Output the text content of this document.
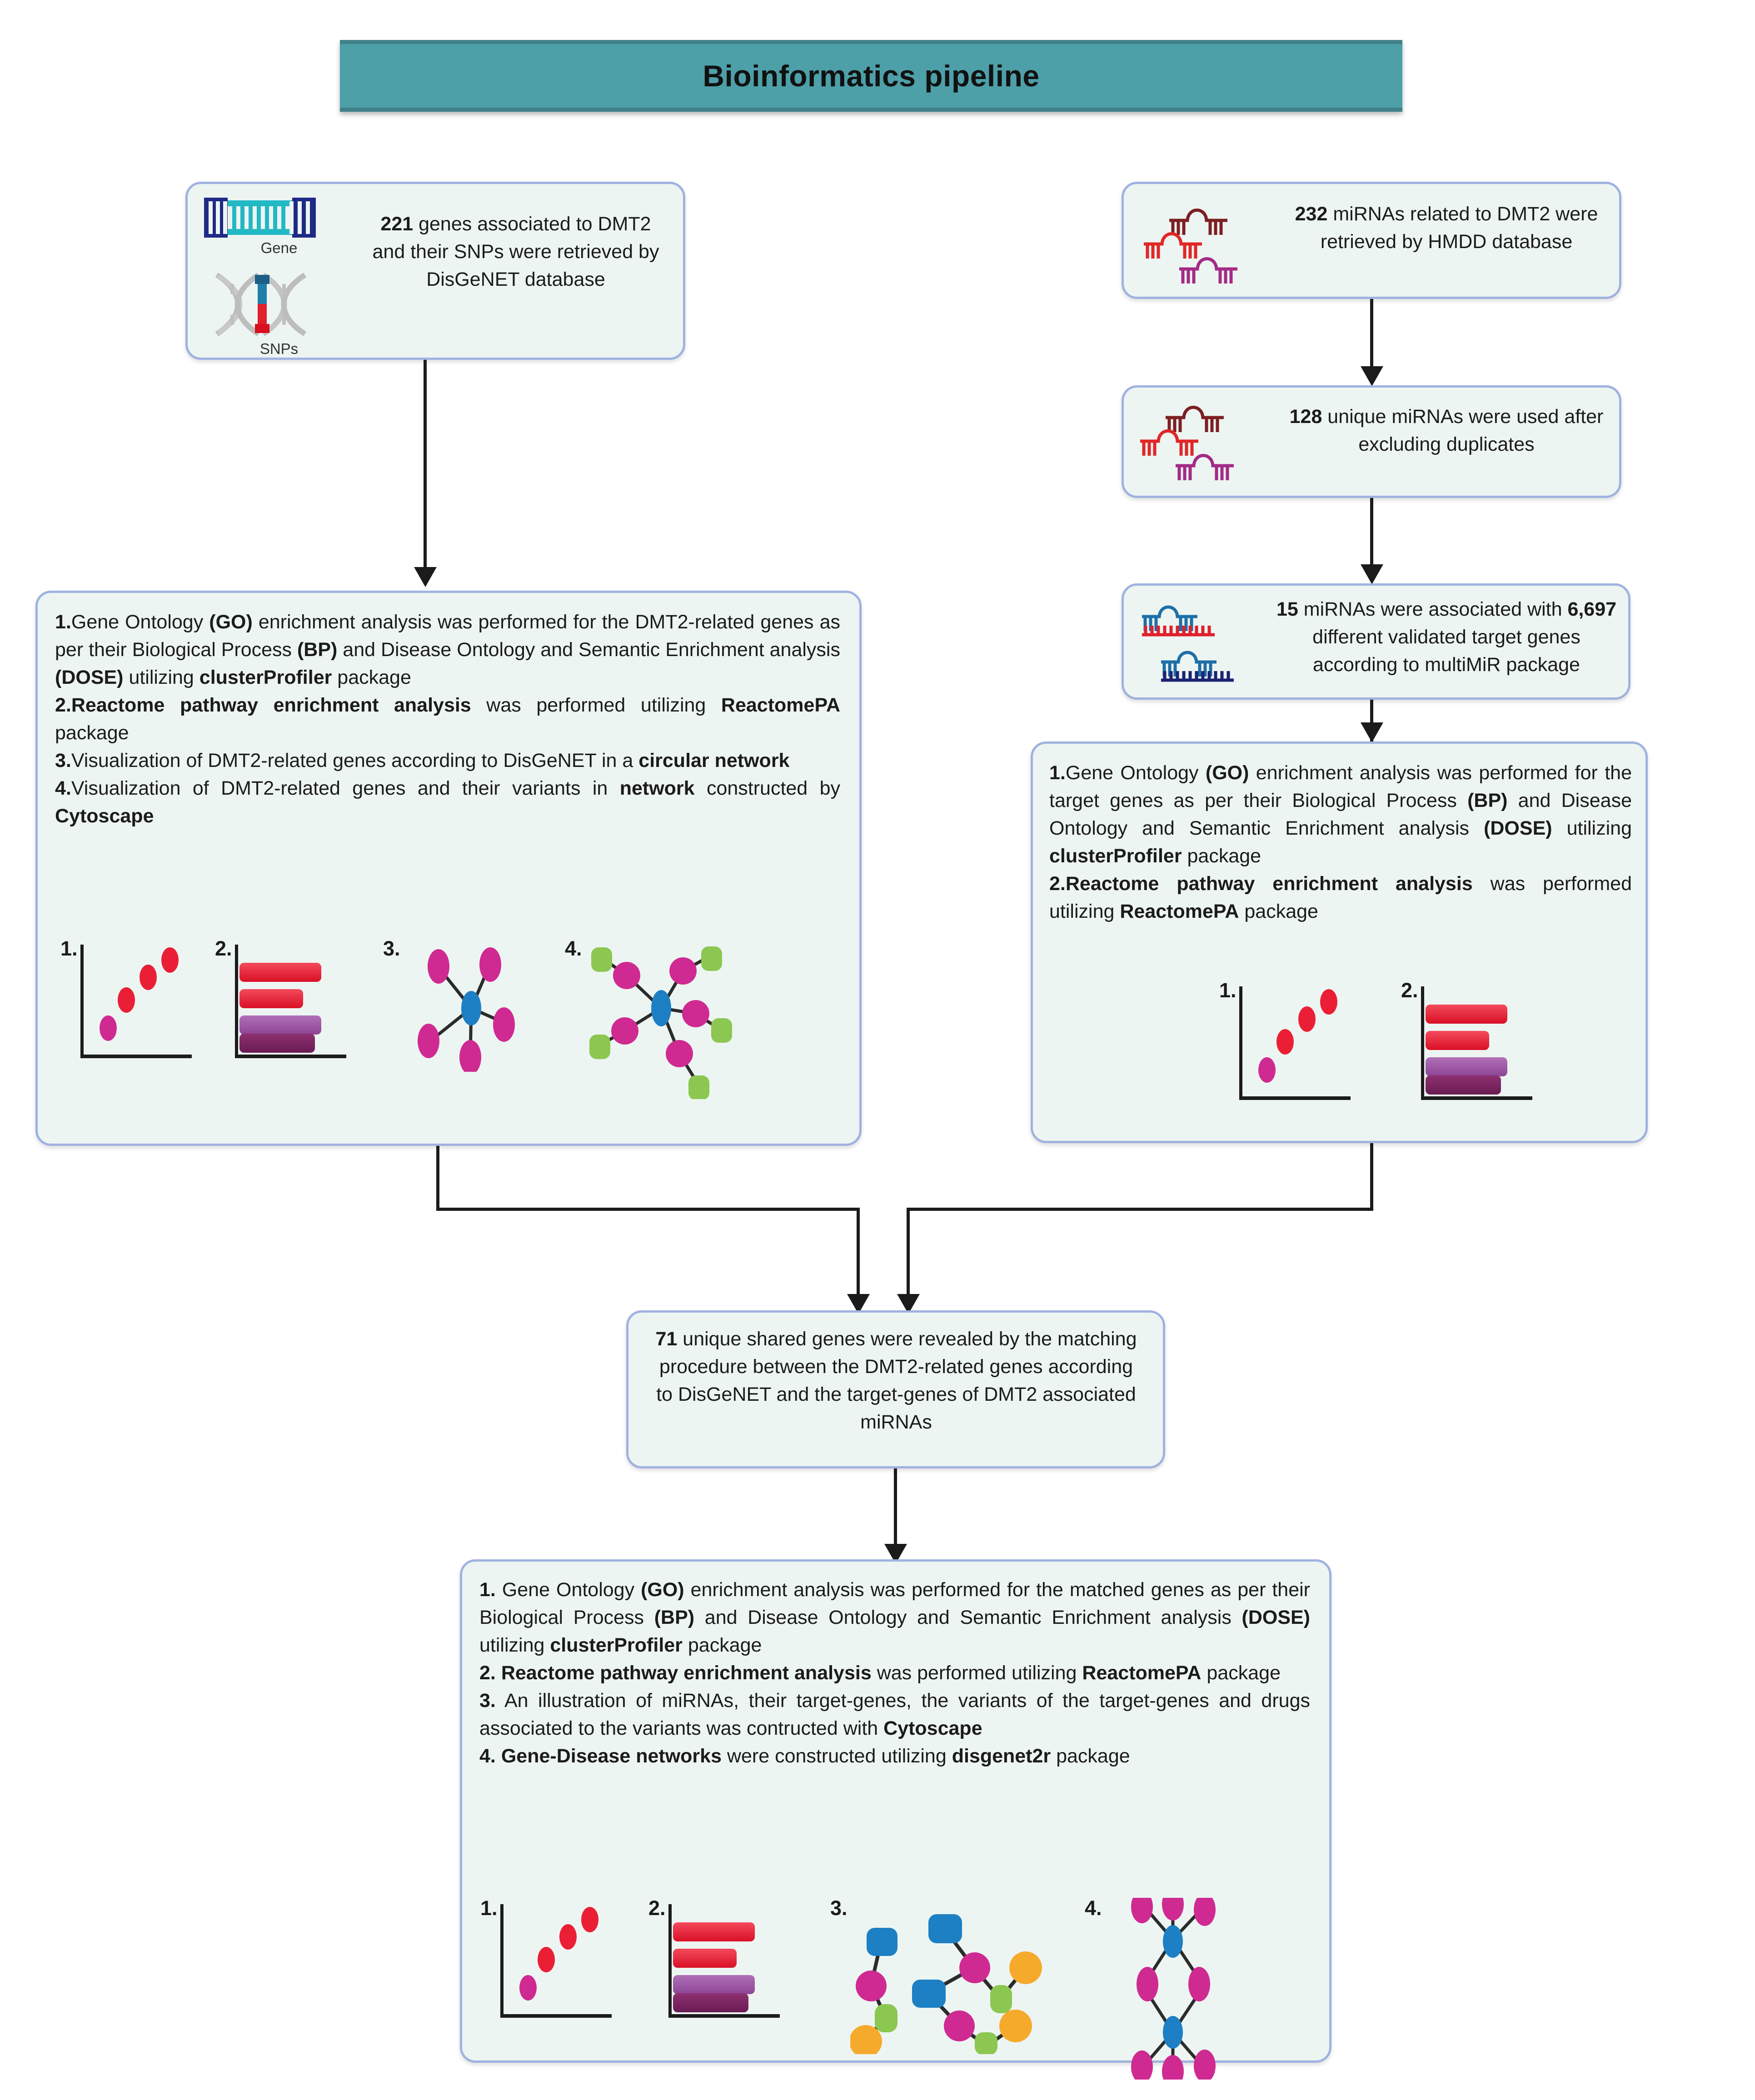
Bioinformatics pipeline
Gene
SNPs
221 genes associated to DMT2 and their SNPs were retrieved by DisGeNET database
232 miRNAs related to DMT2 were retrieved by HMDD database
128 unique miRNAs were used after excluding duplicates
15 miRNAs were associated with 6,697 different validated target genes according to multiMiR package
1.Gene Ontology (GO) enrichment analysis was performed for the DMT2-related genes as per their Biological Process (BP) and Disease Ontology and Semantic Enrichment analysis (DOSE) utilizing clusterProfiler package
2.Reactome pathway enrichment analysis was performed utilizing ReactomePA package
3.Visualization of DMT2-related genes according to DisGeNET in a circular network
4.Visualization of DMT2-related genes and their variants in network constructed by Cytoscape
1.	2.	3.	4.
1.Gene Ontology (GO) enrichment analysis was performed for the target genes as per their Biological Process (BP) and Disease Ontology and Semantic Enrichment analysis (DOSE) utilizing clusterProfiler package
2.Reactome pathway enrichment analysis was performed utilizing ReactomePA package
1.	2.
71 unique shared genes were revealed by the matching procedure between the DMT2-related genes according to DisGeNET and the target-genes of DMT2 associated miRNAs
1. Gene Ontology (GO) enrichment analysis was performed for the matched genes as per their Biological Process (BP) and Disease Ontology and Semantic Enrichment analysis (DOSE) utilizing clusterProfiler package
2. Reactome pathway enrichment analysis was performed utilizing ReactomePA package
3. An illustration of miRNAs, their target-genes, the variants of the target-genes and drugs associated to the variants was contructed with Cytoscape
4. Gene-Disease networks were constructed utilizing disgenet2r package
1.	2.	3.	4.
